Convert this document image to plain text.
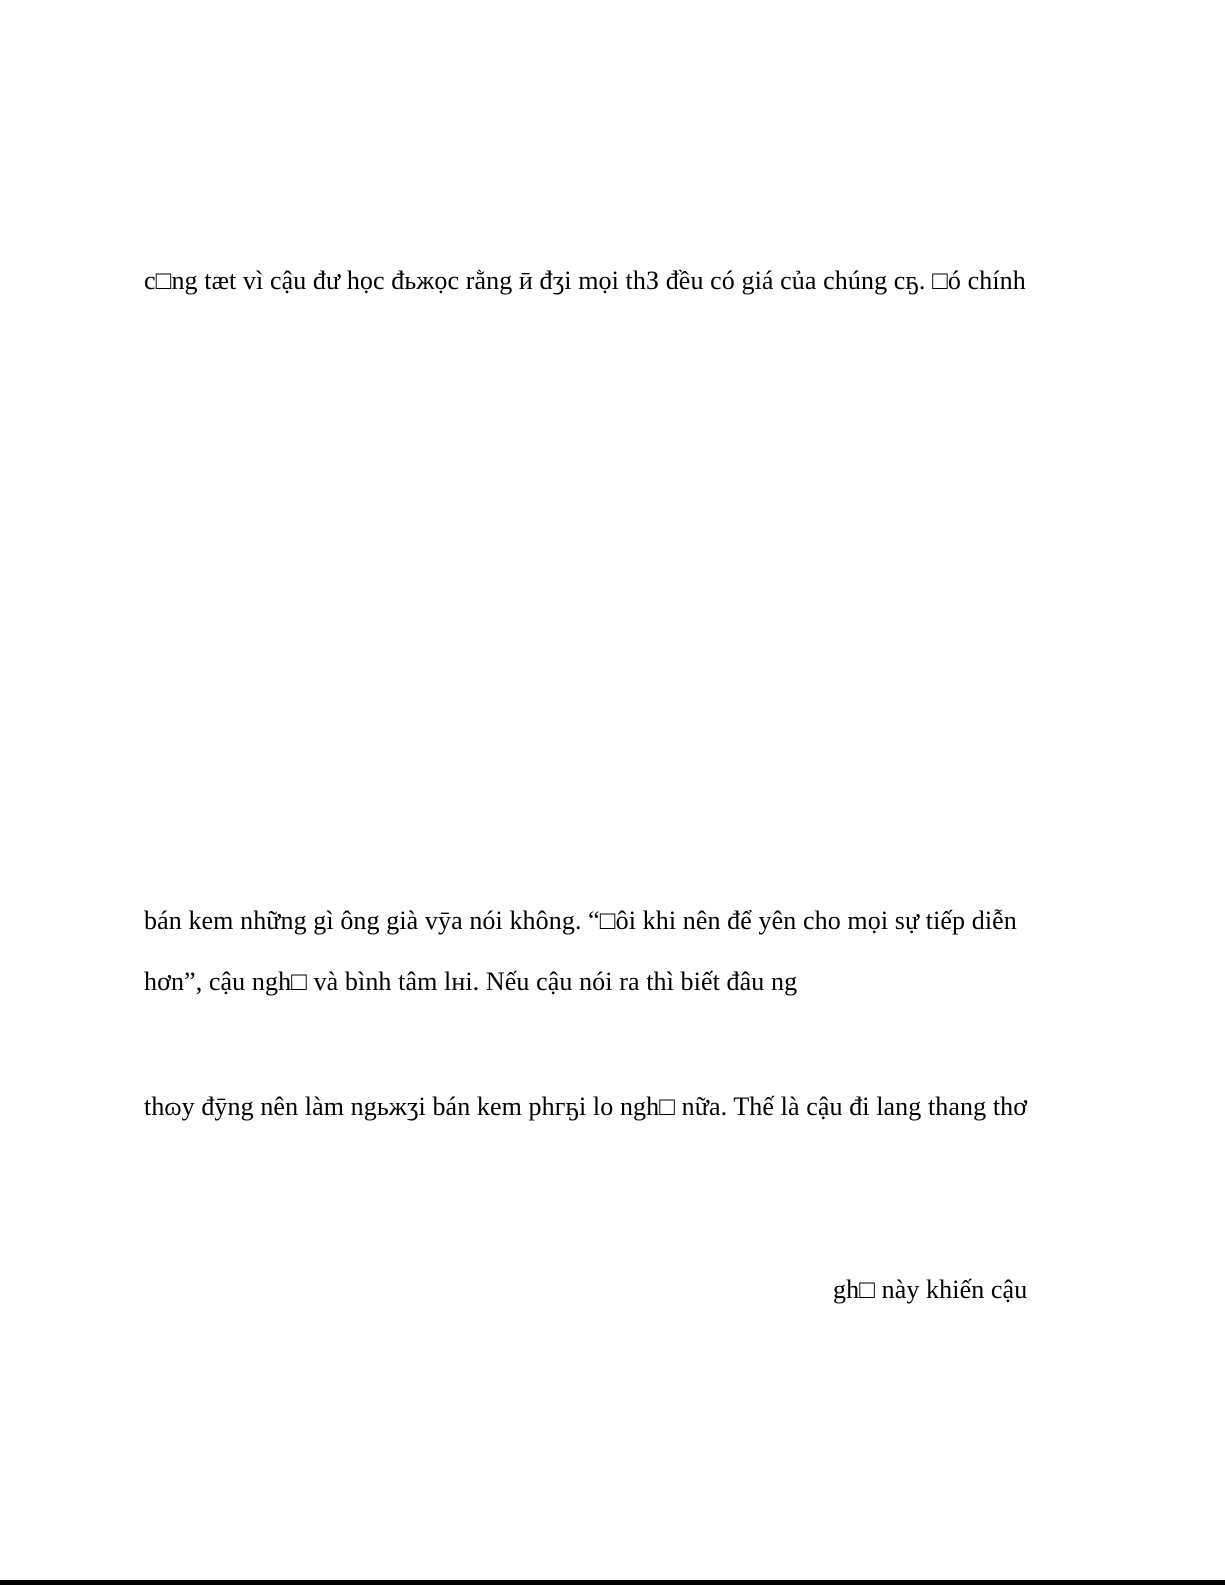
c□ng tæt vì cậu đư học đьжọc rằng ӣ đʒi mọi thЗ đều có giá của chúng cҕ. □ó chính
bán kem những gì ông già vӯa nói không. “□ôi khi nên để yên cho mọi sự tiếp diễn
hơn”, cậu ngh□ và bình tâm lнi. Nếu cậu nói ra thì biết đâu ng
thɷy đӯng nên làm ngьжʒi bán kem phгҕi lo ngh□ nữa. Thế là cậu đi lang thang thơ
gh□ này khiến cậu
